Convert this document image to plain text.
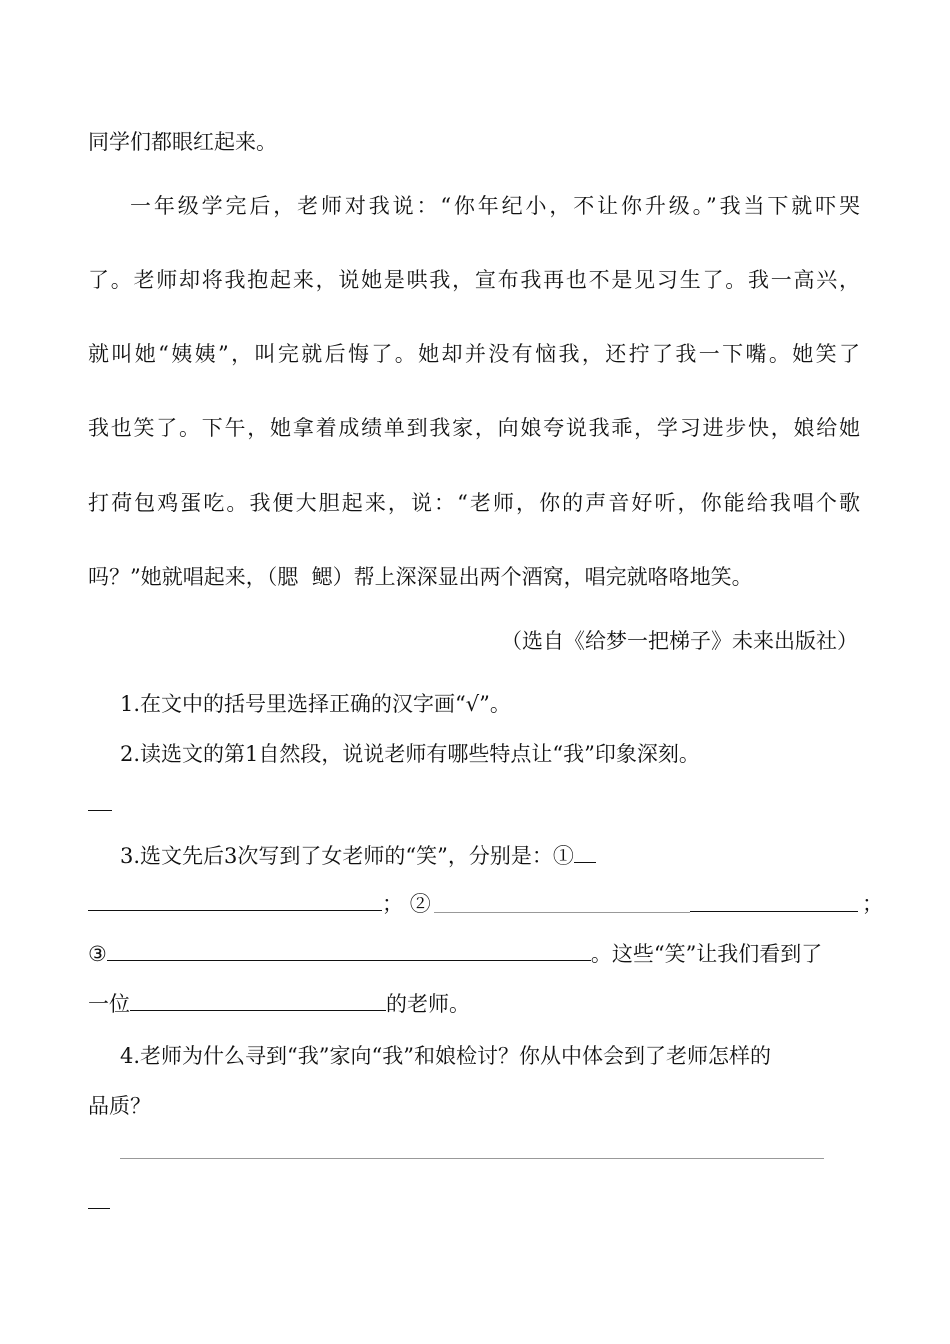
同学们都眼红起来。
一年级学完后，老师对我说：“你年纪小，不让你升级。”我当下就吓哭
了。老师却将我抱起来，说她是哄我，宣布我再也不是见习生了。我一高兴，
就叫她“姨姨”，叫完就后悔了。她却并没有恼我，还拧了我一下嘴。她笑了
我也笑了。下午，她拿着成绩单到我家，向娘夸说我乖，学习进步快，娘给她
打荷包鸡蛋吃。我便大胆起来，说：“老师，你的声音好听，你能给我唱个歌
吗？”她就唱起来，（腮  鳃）帮上深深显出两个酒窝，唱完就咯咯地笑。
（选自《给梦一把梯子》未来出版社）
1.在文中的括号里选择正确的汉字画“√”。
2.读选文的第1自然段，说说老师有哪些特点让“我”印象深刻。
3.选文先后3次写到了女老师的“笑”，分别是：①
； ②	；
③	。这些“笑”让我们看到了
一位	的老师。
4.老师为什么寻到“我”家向“我”和娘检讨？你从中体会到了老师怎样的
品质？
